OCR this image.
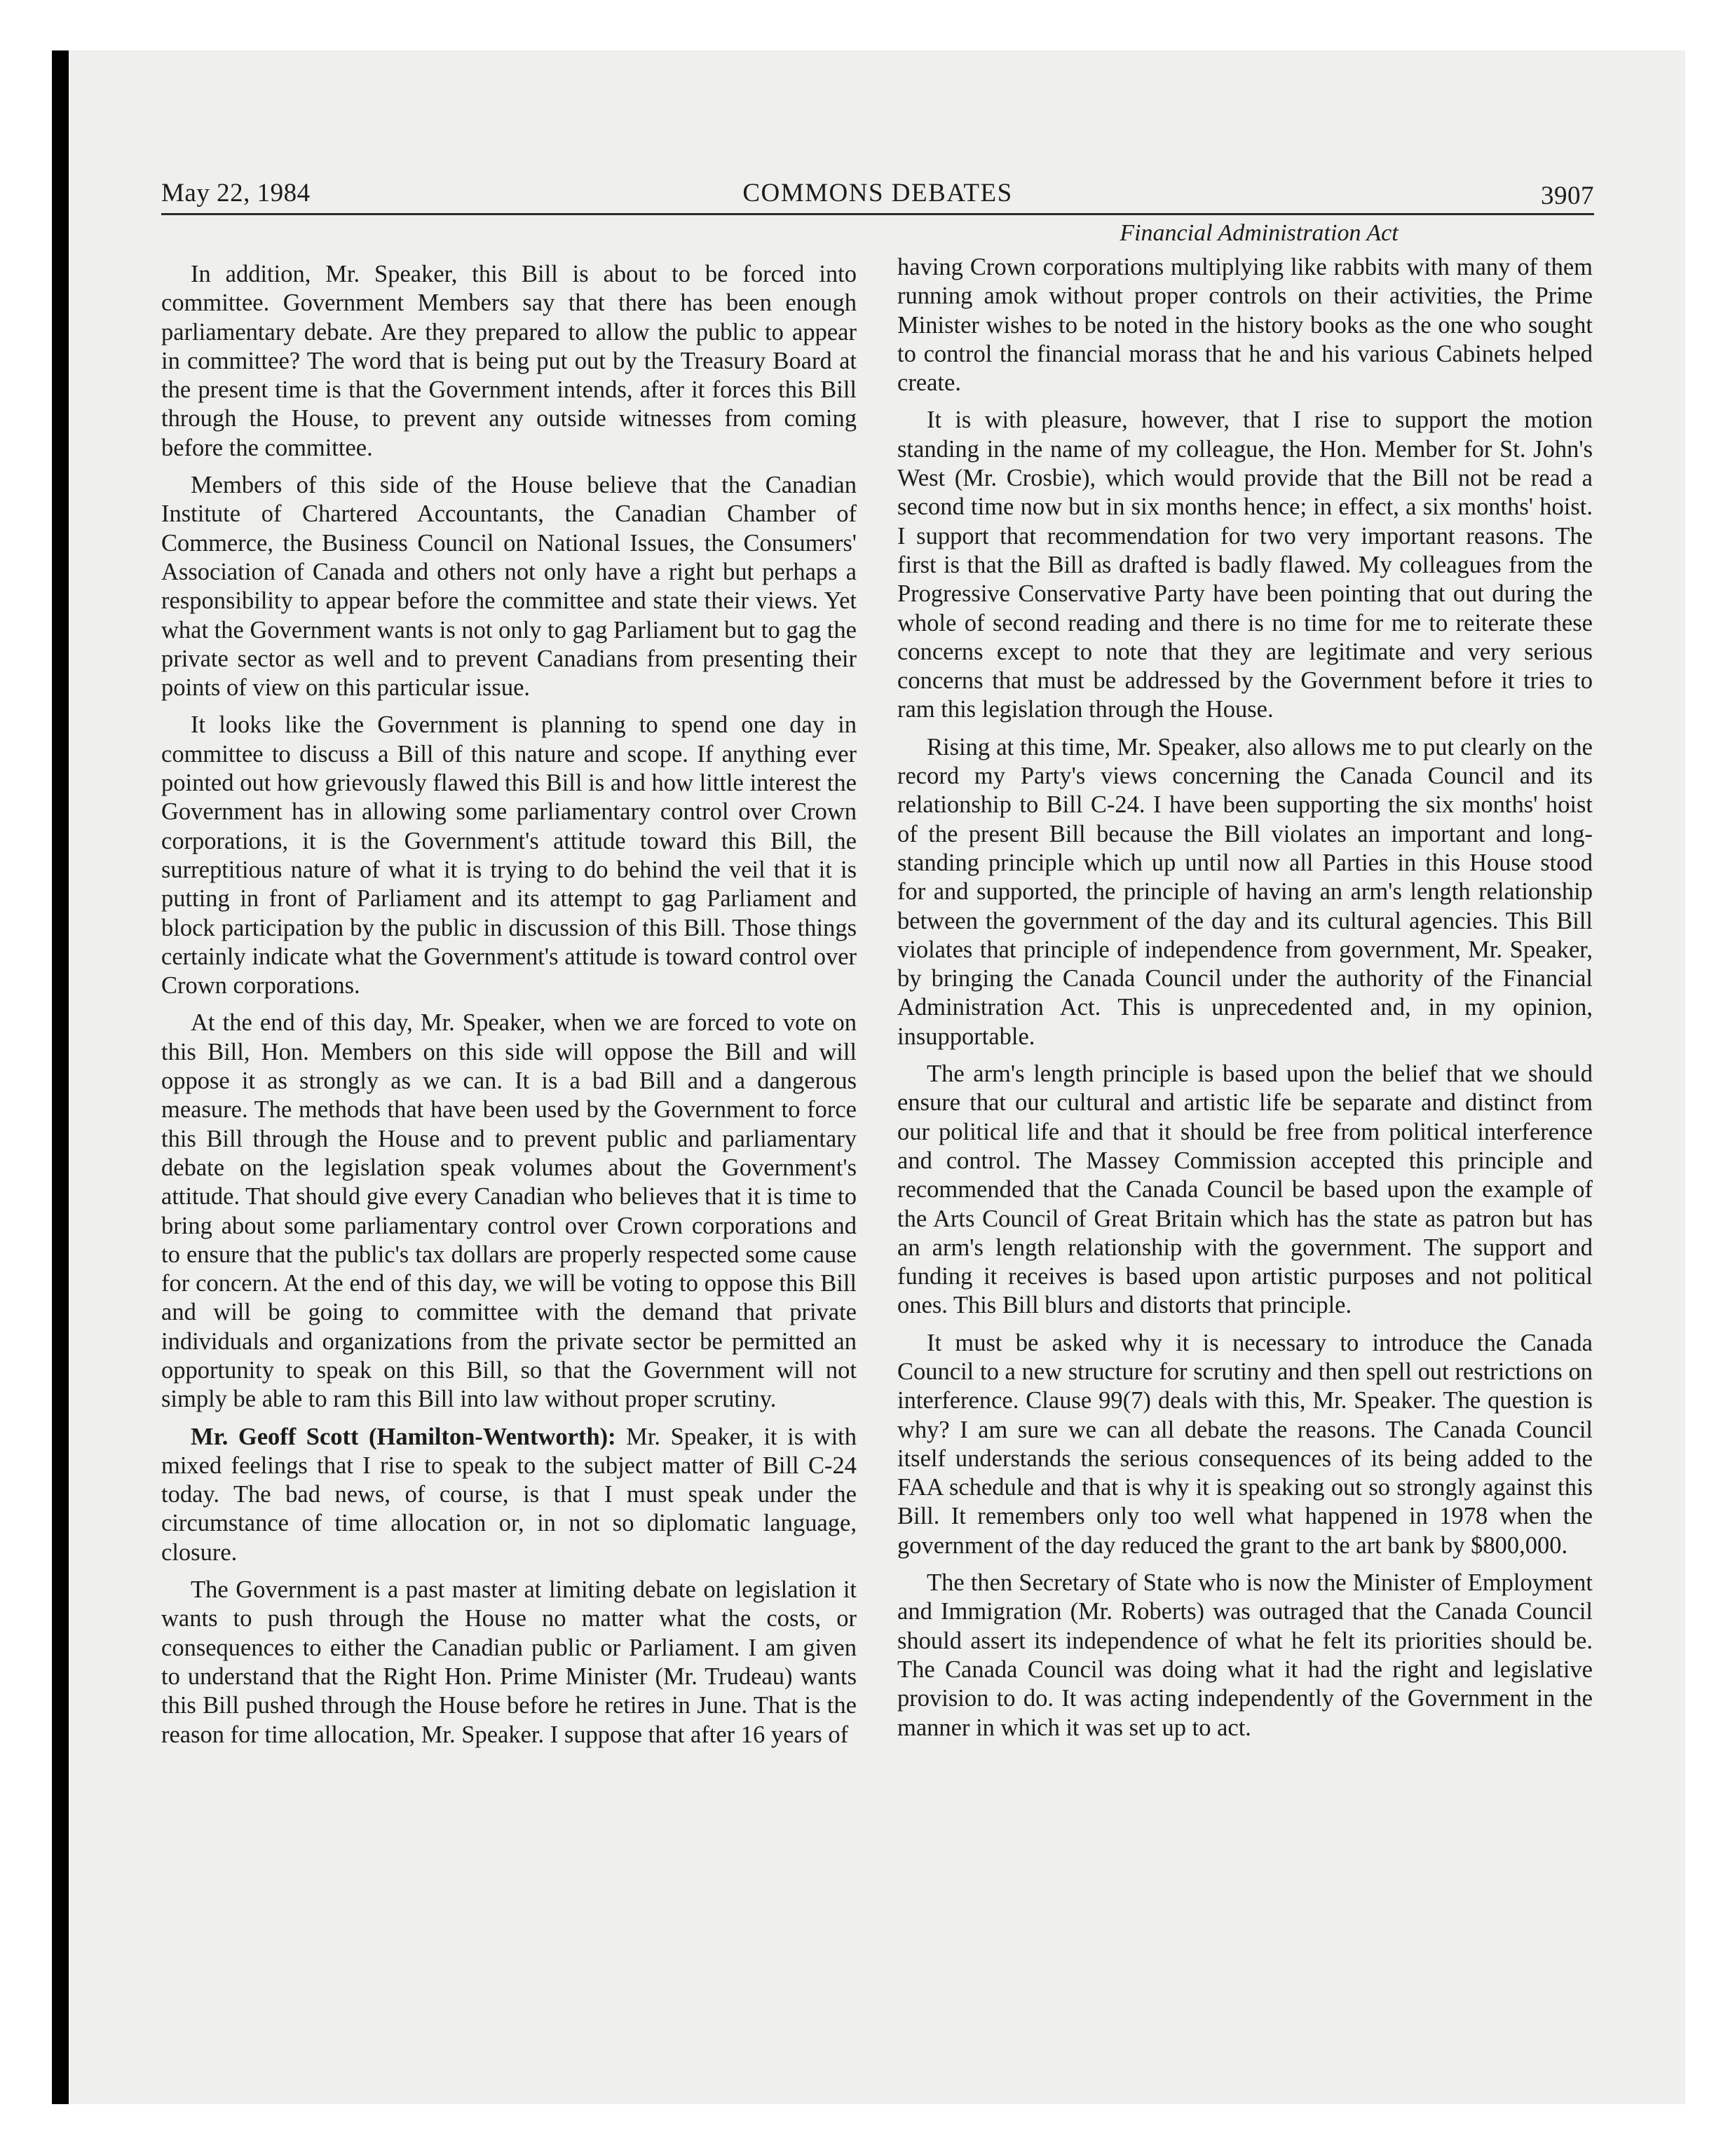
May 22, 1984	COMMONS DEBATES	3907

In addition, Mr. Speaker, this Bill is about to be forced into committee. Government Members say that there has been enough parliamentary debate. Are they prepared to allow the public to appear in committee? The word that is being put out by the Treasury Board at the present time is that the Government intends, after it forces this Bill through the House, to prevent any outside witnesses from coming before the committee.

Members of this side of the House believe that the Canadian Institute of Chartered Accountants, the Canadian Chamber of Commerce, the Business Council on National Issues, the Consumers' Association of Canada and others not only have a right but perhaps a responsibility to appear before the committee and state their views. Yet what the Government wants is not only to gag Parliament but to gag the private sector as well and to prevent Canadians from presenting their points of view on this particular issue.

It looks like the Government is planning to spend one day in committee to discuss a Bill of this nature and scope. If anything ever pointed out how grievously flawed this Bill is and how little interest the Government has in allowing some parliamentary control over Crown corporations, it is the Government's attitude toward this Bill, the surreptitious nature of what it is trying to do behind the veil that it is putting in front of Parliament and its attempt to gag Parliament and block participation by the public in discussion of this Bill. Those things certainly indicate what the Government's attitude is toward control over Crown corporations.

At the end of this day, Mr. Speaker, when we are forced to vote on this Bill, Hon. Members on this side will oppose the Bill and will oppose it as strongly as we can. It is a bad Bill and a dangerous measure. The methods that have been used by the Government to force this Bill through the House and to prevent public and parliamentary debate on the legislation speak volumes about the Government's attitude. That should give every Canadian who believes that it is time to bring about some parliamentary control over Crown corporations and to ensure that the public's tax dollars are properly respected some cause for concern. At the end of this day, we will be voting to oppose this Bill and will be going to committee with the demand that private individuals and organizations from the private sector be permitted an opportunity to speak on this Bill, so that the Government will not simply be able to ram this Bill into law without proper scrutiny.

Mr. Geoff Scott (Hamilton-Wentworth): Mr. Speaker, it is with mixed feelings that I rise to speak to the subject matter of Bill C-24 today. The bad news, of course, is that I must speak under the circumstance of time allocation or, in not so diplomatic language, closure.

The Government is a past master at limiting debate on legislation it wants to push through the House no matter what the costs, or consequences to either the Canadian public or Parliament. I am given to understand that the Right Hon. Prime Minister (Mr. Trudeau) wants this Bill pushed through the House before he retires in June. That is the reason for time allocation, Mr. Speaker. I suppose that after 16 years of

Financial Administration Act

having Crown corporations multiplying like rabbits with many of them running amok without proper controls on their activities, the Prime Minister wishes to be noted in the history books as the one who sought to control the financial morass that he and his various Cabinets helped create.

It is with pleasure, however, that I rise to support the motion standing in the name of my colleague, the Hon. Member for St. John's West (Mr. Crosbie), which would provide that the Bill not be read a second time now but in six months hence; in effect, a six months' hoist. I support that recommendation for two very important reasons. The first is that the Bill as drafted is badly flawed. My colleagues from the Progressive Conservative Party have been pointing that out during the whole of second reading and there is no time for me to reiterate these concerns except to note that they are legitimate and very serious concerns that must be addressed by the Government before it tries to ram this legislation through the House.

Rising at this time, Mr. Speaker, also allows me to put clearly on the record my Party's views concerning the Canada Council and its relationship to Bill C-24. I have been supporting the six months' hoist of the present Bill because the Bill violates an important and long-standing principle which up until now all Parties in this House stood for and supported, the principle of having an arm's length relationship between the government of the day and its cultural agencies. This Bill violates that principle of independence from government, Mr. Speaker, by bringing the Canada Council under the authority of the Financial Administration Act. This is unprecedented and, in my opinion, insupportable.

The arm's length principle is based upon the belief that we should ensure that our cultural and artistic life be separate and distinct from our political life and that it should be free from political interference and control. The Massey Commission accepted this principle and recommended that the Canada Council be based upon the example of the Arts Council of Great Britain which has the state as patron but has an arm's length relationship with the government. The support and funding it receives is based upon artistic purposes and not political ones. This Bill blurs and distorts that principle.

It must be asked why it is necessary to introduce the Canada Council to a new structure for scrutiny and then spell out restrictions on interference. Clause 99(7) deals with this, Mr. Speaker. The question is why? I am sure we can all debate the reasons. The Canada Council itself understands the serious consequences of its being added to the FAA schedule and that is why it is speaking out so strongly against this Bill. It remembers only too well what happened in 1978 when the government of the day reduced the grant to the art bank by $800,000.

The then Secretary of State who is now the Minister of Employment and Immigration (Mr. Roberts) was outraged that the Canada Council should assert its independence of what he felt its priorities should be. The Canada Council was doing what it had the right and legislative provision to do. It was acting independently of the Government in the manner in which it was set up to act.
